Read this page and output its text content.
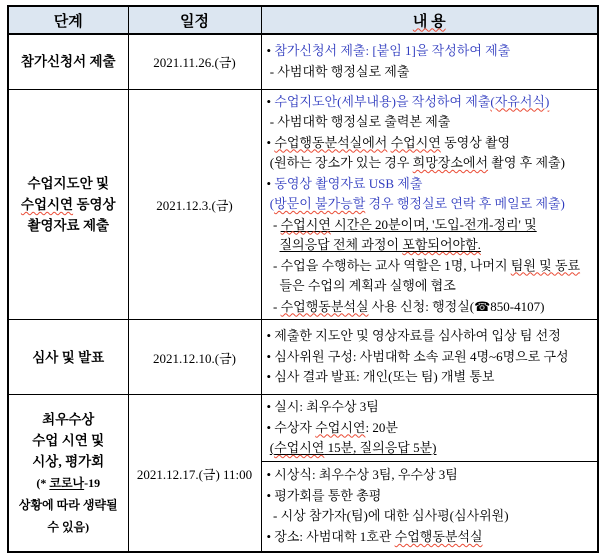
단계	일정	내 용

참가신청서 제출	2021.11.26.(금)	• 참가신청서 제출: [붙임 1]을 작성하여 제출
- 사범대학 행정실로 제출

수업지도안 및
수업시연 동영상
촬영자료 제출
	2021.12.3.(금)	
• 수업지도안(세부내용)을 작성하여 제출(자유서식)
- 사범대학 행정실로 출력본 제출
• 수업행동분석실에서 수업시연 동영상 촬영
(원하는 장소가 있는 경우 희망장소에서 촬영 후 제출)
• 동영상 촬영자료 USB 제출
(방문이 불가능할 경우 행정실로 연락 후 메일로 제출)
- 수업시연 시간은 20분이며, '도입-전개-정리' 및
질의응답 전체 과정이 포함되어야함.
- 수업을 수행하는 교사 역할은 1명, 나머지 팀원 및 동료
들은 수업의 계획과 실행에 협조
- 수업행동분석실 사용 신청: 행정실(☎850-4107)

심사 및 발표	2021.12.10.(금)	• 제출한 지도안 및 영상자료를 심사하여 입상 팀 선정
• 심사위원 구성: 사범대학 소속 교원 4명~6명으로 구성
• 심사 결과 발표: 개인(또는 팀) 개별 통보

최우수상
수업 시연 및
시상, 평가회
(* 코로나-19
상황에 따라 생략될
수 있음)
	2021.12.17.(금) 11:00	
• 실시: 최우수상 3팀
• 수상자 수업시연: 20분
(수업시연 15분, 질의응답 5분)

		• 시상식: 최우수상 3팀, 우수상 3팀
• 평가회를 통한 총평
- 시상 참가자(팀)에 대한 심사평(심사위원)
• 장소: 사범대학 1호관 수업행동분석실
